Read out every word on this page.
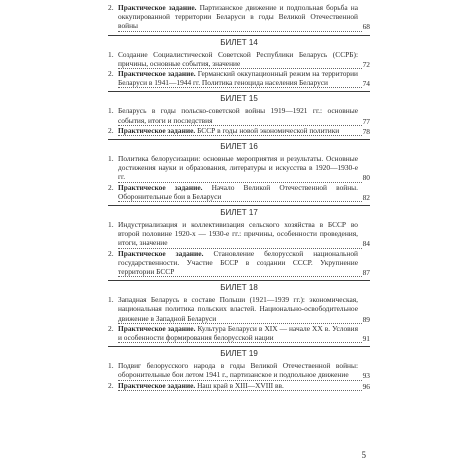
2. Практическое задание. Партизанское движение и подпольная борьба на оккупированной территории Беларуси в годы Великой Отечественной войны	68
БИЛЕТ 14
1. Создание Социалистической Советской Республики Беларусь (ССРБ): причины, основные события, значение	72
2. Практическое задание. Германский оккупационный режим на территории Беларуси в 1941—1944 гг. Политика геноцида населения Беларуси	74
БИЛЕТ 15
1. Беларусь в годы польско-советской войны 1919—1921 гг.: основные события, итоги и последствия	77
2. Практическое задание. БССР в годы новой экономической политики	78
БИЛЕТ 16
1. Политика белорусизации: основные мероприятия и результаты. Основные достижения науки и образования, литературы и искусства в 1920—1930-е гг.	80
2. Практическое задание. Начало Великой Отечественной войны. Оборонительные бои в Беларуси	82
БИЛЕТ 17
1. Индустриализация и коллективизация сельского хозяйства в БССР во второй половине 1920-х — 1930-е гг.: причины, особенности проведения, итоги, значение	84
2. Практическое задание. Становление белорусской национальной государственности. Участие БССР в создании СССР. Укрупнение территории БССР	87
БИЛЕТ 18
1. Западная Беларусь в составе Польши (1921—1939 гг.): экономическая, национальная политика польских властей. Национально-освободительное движение в Западной Беларуси	89
2. Практическое задание. Культура Беларуси в XIX — начале XX в. Условия и особенности формирования белорусской нации	91
БИЛЕТ 19
1. Подвиг белорусского народа в годы Великой Отечественной войны: оборонительные бои летом 1941 г., партизанское и подпольное движение	93
2. Практическое задание. Наш край в XIII—XVIII вв.	96
5
